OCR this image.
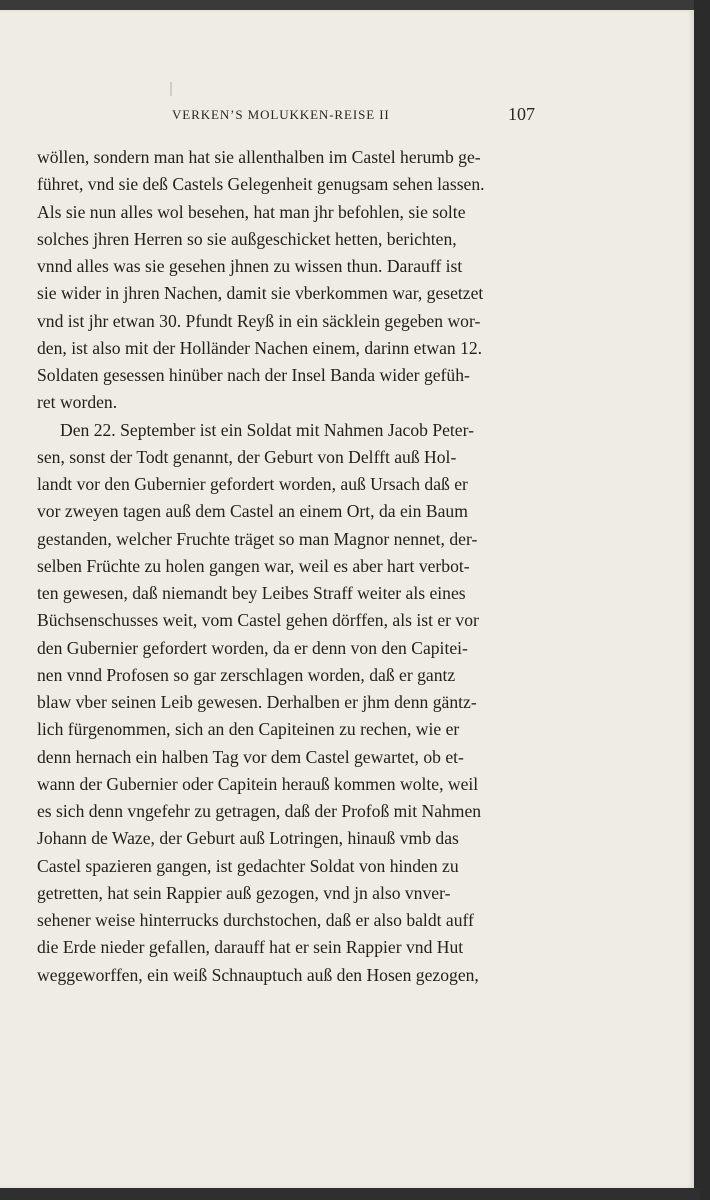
VERKEN’S MOLUKKEN-REISE II	107
wöllen, sondern man hat sie allenthalben im Castel herumb ge-
führet, vnd sie deß Castels Gelegenheit genugsam sehen lassen.
Als sie nun alles wol besehen, hat man jhr befohlen, sie solte
solches jhren Herren so sie außgeschicket hetten, berichten,
vnnd alles was sie gesehen jhnen zu wissen thun. Darauff ist
sie wider in jhren Nachen, damit sie vberkommen war, gesetzet
vnd ist jhr etwan 30. Pfundt Reyß in ein säcklein gegeben wor-
den, ist also mit der Holländer Nachen einem, darinn etwan 12.
Soldaten gesessen hinüber nach der Insel Banda wider gefüh-
ret worden.
Den 22. September ist ein Soldat mit Nahmen Jacob Peter-
sen, sonst der Todt genannt, der Geburt von Delfft auß Hol-
landt vor den Gubernier gefordert worden, auß Ursach daß er
vor zweyen tagen auß dem Castel an einem Ort, da ein Baum
gestanden, welcher Fruchte träget so man Magnor nennet, der-
selben Früchte zu holen gangen war, weil es aber hart verbot-
ten gewesen, daß niemandt bey Leibes Straff weiter als eines
Büchsenschusses weit, vom Castel gehen dörffen, als ist er vor
den Gubernier gefordert worden, da er denn von den Capitei-
nen vnnd Profosen so gar zerschlagen worden, daß er gantz
blaw vber seinen Leib gewesen. Derhalben er jhm denn gäntz-
lich fürgenommen, sich an den Capiteinen zu rechen, wie er
denn hernach ein halben Tag vor dem Castel gewartet, ob et-
wann der Gubernier oder Capitein herauß kommen wolte, weil
es sich denn vngefehr zu getragen, daß der Profoß mit Nahmen
Johann de Waze, der Geburt auß Lotringen, hinauß vmb das
Castel spazieren gangen, ist gedachter Soldat von hinden zu
getretten, hat sein Rappier auß gezogen, vnd jn also vnver-
sehener weise hinterrucks durchstochen, daß er also baldt auff
die Erde nieder gefallen, darauff hat er sein Rappier vnd Hut
weggeworffen, ein weiß Schnauptuch auß den Hosen gezogen,
